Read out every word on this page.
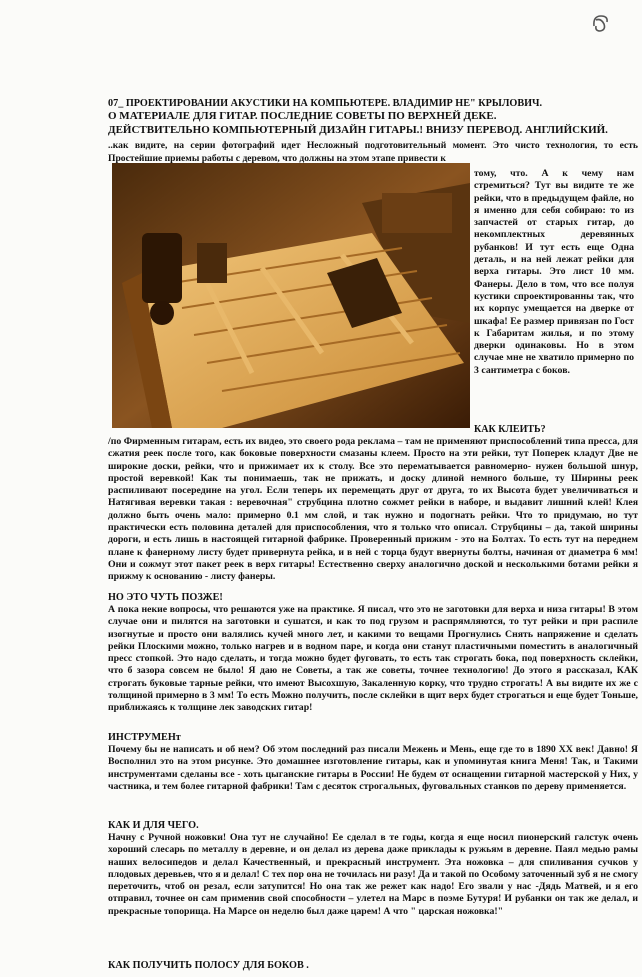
07_ ПРОЕКТИРОВАНИИ АКУСТИКИ НА КОМПЬЮТЕРЕ. ВЛАДИМИР НЕ" КРЫЛОВИЧ.
О МАТЕРИАЛЕ ДЛЯ ГИТАР. ПОСЛЕДНИЕ СОВЕТЫ ПО ВЕРХНЕЙ ДЕКЕ.
ДЕЙСТВИТЕЛЬНО КОМПЬЮТЕРНЫЙ ДИЗАЙН ГИТАРЫ.! ВНИЗУ ПЕРЕВОД. АНГЛИЙСКИЙ.
..как видите, на серии фотографий идет Несложный подготовительный момент. Это чисто технология, то есть Простейшие приемы работы с деревом, что должны на этом этапе привести к
тому, что. А к чему нам стремиться? Тут вы видите те же рейки, что в предыдущем файле, но я именно для себя собираю: то из запчастей от старых гитар, до некомплектных деревянных рубанков! И тут есть еще Одна деталь, и на ней лежат рейки для верха гитары. Это лист 10 мм. Фанеры. Дело в том, что все полуя кустики спроектированны так, что их корпус умещается на дверке от шкафа! Ее размер привязан по Гост к Габаритам жилья, и по этому дверки одинаковы. Но в этом случае мне не хватило примерно по 3 сантиметра с боков.
КАК КЛЕИТЬ?
/по Фирменным гитарам, есть их видео, это своего рода реклама – там не применяют приспособлений типа пресса, для сжатия реек после того, как боковые поверхности смазаны клеем. Просто на эти рейки, тут Поперек кладут Две не широкие доски, рейки, что и прижимает их к столу. Все это перематывается равномерно- нужен большой шнур, простой веревкой! Как ты понимаешь, так не прижать, и доску длиной немного больше, ту Ширины реек распиливают посередине на угол. Если теперь их перемещать друг от друга, то их Высота будет увеличиваться и Натягивая веревки такая : веревочная" струбцина плотно сожмет рейки в наборе, и выдавит лишний клей! Клея должно быть очень мало: примерно 0.1 мм слой, и так нужно и подогнать рейки. Что то придумаю, но тут практически есть половина деталей для приспособления, что я только что описал. Струбцины – да, такой ширины дороги, и есть лишь в настоящей гитарной фабрике. Проверенный прижим - это на Болтах. То есть тут на переднем плане к фанерному листу будет привернута рейка, и в ней с торца будут ввернуты болты, начиная от диаметра 6 мм! Они и сожмут этот пакет реек в верх гитары! Естественно сверху аналогично доской и несколькими ботами рейки я прижму к основанию - листу фанеры.
НО ЭТО ЧУТЬ ПОЗЖЕ!
А пока некие вопросы, что решаются уже на практике. Я писал, что это не заготовки для верха и низа гитары! В этом случае они и пилятся на заготовки и сушатся, и как то под грузом и распрямляются, то тут рейки и при распиле изогнутые и просто они валялись кучей много лет, и какими то вещами Прогнулись Снять напряжение и сделать рейки Плоскими можно, только нагрев и в водном паре, и когда они станут пластичными поместить в аналогичный пресс стопкой. Это надо сделать, и тогда можно будет фуговать, то есть так строгать бока, под поверхность склейки, что б зазора совсем не было! Я даю не Советы, а так же советы, точнее технологию! До этого я рассказал, КАК строгать буковые тарные рейки, что имеют Высохшую, Закаленную корку, что трудно строгать! А вы видите их же с толщиной примерно в 3 мм! То есть Можно получить, после склейки в щит верх будет строгаться и еще будет Тоньше, приближаясь к толщине лек заводских гитар!
ИНСТРУМЕНт
Почему бы не написать и об нем? Об этом последний раз писали Межень и Мень, еще где то в 1890 XX век! Давно! Я Восполнил это на этом рисунке. Это домашнее изготовление гитары, как и упоминутая книга Меня! Так, и Такими инструментами сделаны все - хоть цыганские гитары в России! Не будем от оснащении гитарной мастерской у Них, у частника, и тем более гитарной фабрики! Там с десяток строгальных, фуговальных станков по дереву применяется.
КАК И ДЛЯ ЧЕГО.
Начну с Ручной ножовки! Она тут не случайно! Ее сделал в те годы, когда я еще носил пионерский галстук очень хороший слесарь по металлу в деревне, и он делал из дерева даже приклады к ружьям в деревне. Паял медью рамы наших велосипедов и делал Качественный, и прекрасный инструмент. Эта ножовка – для спиливания сучков у плодовых деревьев, что я и делал! С тех пор она не точилась ни разу! Да и такой по Особому заточенный зуб я не смогу переточить, чтоб он резал, если затупится! Но она так же режет как надо! Его звали у нас -Дядь Матвей, и я его отправил, точнее он сам применив свой способности – улетел на Марс в поэме Бутуря! И рубанки он так же делал, и прекрасные топорища. На Марсе он неделю был даже царем! А что " царская ножовка!"
КАК ПОЛУЧИТЬ ПОЛОСУ ДЛЯ БОКОВ .
